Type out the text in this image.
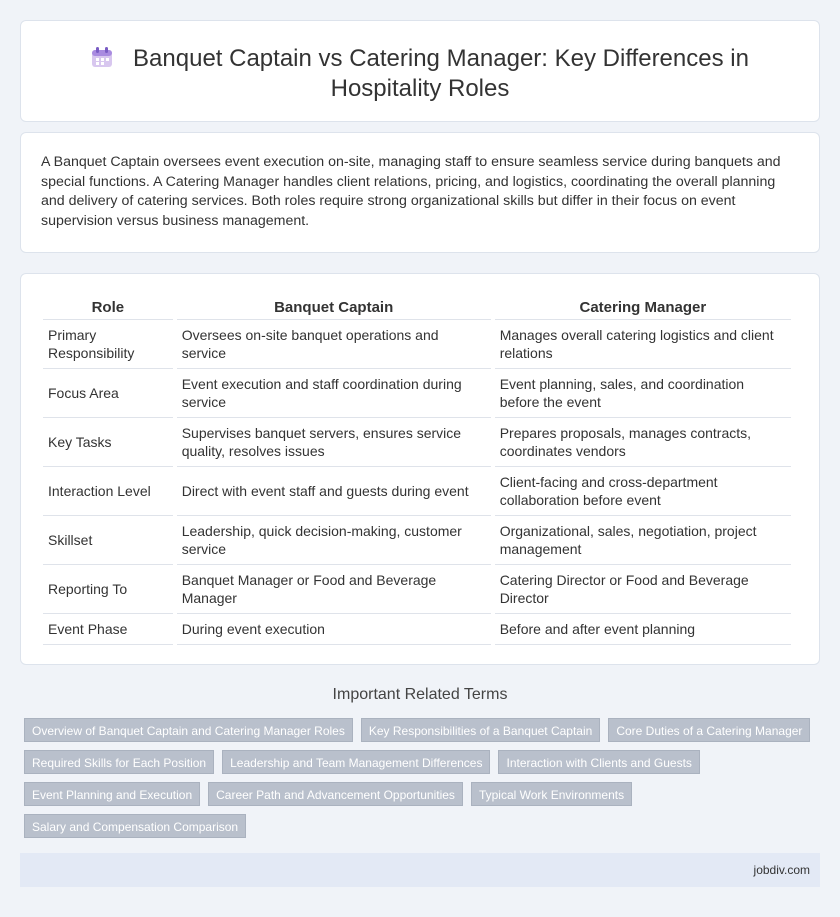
Banquet Captain vs Catering Manager: Key Differences in Hospitality Roles

A Banquet Captain oversees event execution on-site, managing staff to ensure seamless service during banquets and special functions. A Catering Manager handles client relations, pricing, and logistics, coordinating the overall planning and delivery of catering services. Both roles require strong organizational skills but differ in their focus on event supervision versus business management.

Role	Banquet Captain	Catering Manager
Primary Responsibility	Oversees on-site banquet operations and service	Manages overall catering logistics and client relations
Focus Area	Event execution and staff coordination during service	Event planning, sales, and coordination before the event
Key Tasks	Supervises banquet servers, ensures service quality, resolves issues	Prepares proposals, manages contracts, coordinates vendors
Interaction Level	Direct with event staff and guests during event	Client-facing and cross-department collaboration before event
Skillset	Leadership, quick decision-making, customer service	Organizational, sales, negotiation, project management
Reporting To	Banquet Manager or Food and Beverage Manager	Catering Director or Food and Beverage Director
Event Phase	During event execution	Before and after event planning
Important Related Terms
Overview of Banquet Captain and Catering Manager Roles	Key Responsibilities of a Banquet Captain	Core Duties of a Catering Manager
Required Skills for Each Position	Leadership and Team Management Differences	Interaction with Clients and Guests
Event Planning and Execution	Career Path and Advancement Opportunities	Typical Work Environments
Salary and Compensation Comparison
jobdiv.com
